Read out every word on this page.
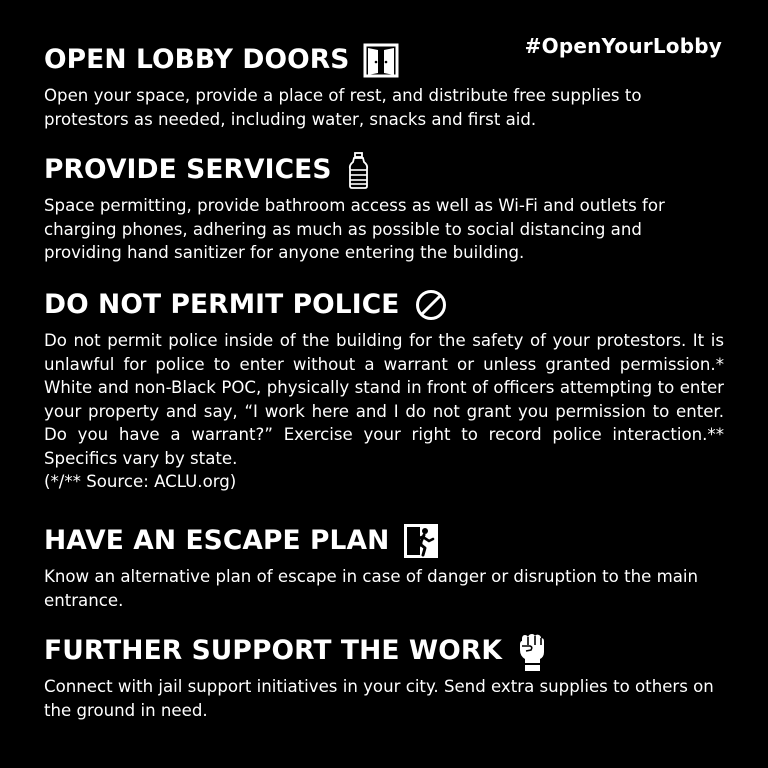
#OpenYourLobby
OPEN LOBBY DOORS
Open your space, provide a place of rest, and distribute free supplies to protestors as needed, including water, snacks and first aid.
PROVIDE SERVICES
Space permitting, provide bathroom access as well as Wi-Fi and outlets for charging phones, adhering as much as possible to social distancing and providing hand sanitizer for anyone entering the building.
DO NOT PERMIT POLICE
Do not permit police inside of the building for the safety of your protestors. It is unlawful for police to enter without a warrant or unless granted permission.* White and non-Black POC, physically stand in front of officers attempting to enter your property and say, “I work here and I do not grant you permission to enter. Do you have a warrant?” Exercise your right to record police interaction.** Specifics vary by state.
(*/** Source: ACLU.org)
HAVE AN ESCAPE PLAN
Know an alternative plan of escape in case of danger or disruption to the main entrance.
FURTHER SUPPORT THE WORK
Connect with jail support initiatives in your city. Send extra supplies to others on the ground in need.
